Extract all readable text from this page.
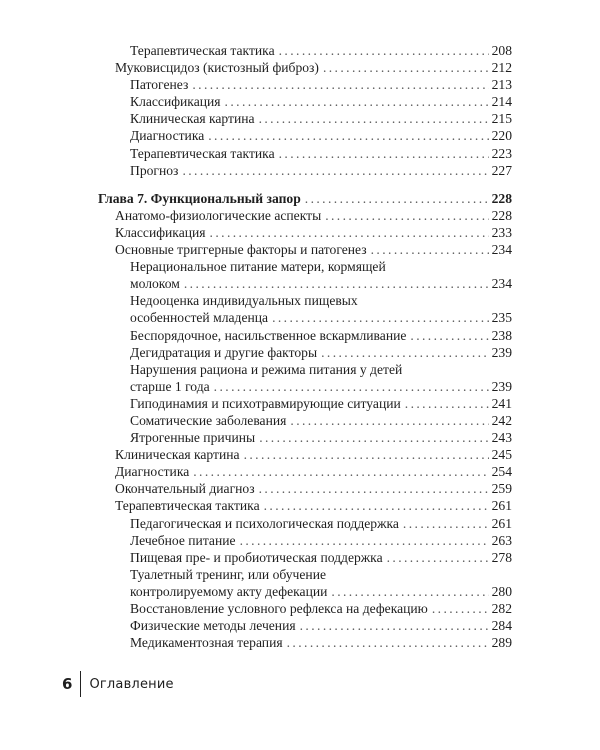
Терапевтическая тактика . . .	208
Муковисцидоз (кистозный фиброз) . . .	212
Патогенез . . .	213
Классификация . . .	214
Клиническая картина . . .	215
Диагностика . . .	220
Терапевтическая тактика . . .	223
Прогноз . . .	227
Глава 7. Функциональный запор . . .	228
Анатомо-физиологические аспекты . . .	228
Классификация . . .	233
Основные триггерные факторы и патогенез . . .	234
Нерациональное питание матери, кормящей
молоком . . .	234
Недооценка индивидуальных пищевых
особенностей младенца . . .	235
Беспорядочное, насильственное вскармливание . . .	238
Дегидратация и другие факторы . . .	239
Нарушения рациона и режима питания у детей
старше 1 года . . .	239
Гиподинамия и психотравмирующие ситуации . . .	241
Соматические заболевания . . .	242
Ятрогенные причины . . .	243
Клиническая картина . . .	245
Диагностика . . .	254
Окончательный диагноз . . .	259
Терапевтическая тактика . . .	261
Педагогическая и психологическая поддержка . . .	261
Лечебное питание . . .	263
Пищевая пре- и пробиотическая поддержка . . .	278
Туалетный тренинг, или обучение
контролируемому акту дефекации . . .	280
Восстановление условного рефлекса на дефекацию . . .	282
Физические методы лечения . . .	284
Медикаментозная терапия . . .	289
6 Оглавление
